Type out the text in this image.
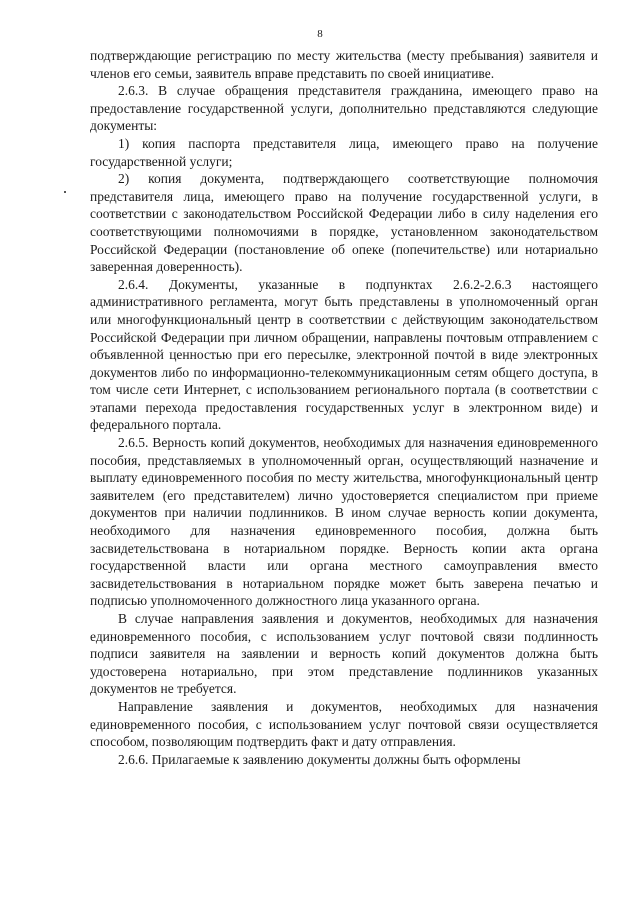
8

подтверждающие регистрацию по месту жительства (месту пребывания) заявителя и членов его семьи, заявитель вправе представить по своей инициативе.

2.6.3. В случае обращения представителя гражданина, имеющего право на предоставление государственной услуги, дополнительно представляются следующие документы:

1) копия паспорта представителя лица, имеющего право на получение государственной услуги;

2) копия документа, подтверждающего соответствующие полномочия представителя лица, имеющего право на получение государственной услуги, в соответствии с законодательством Российской Федерации либо в силу наделения его соответствующими полномочиями в порядке, установленном законодательством Российской Федерации (постановление об опеке (попечительстве) или нотариально заверенная доверенность).

2.6.4. Документы, указанные в подпунктах 2.6.2-2.6.3 настоящего административного регламента, могут быть представлены в уполномоченный орган или многофункциональный центр в соответствии с действующим законодательством Российской Федерации при личном обращении, направлены почтовым отправлением с объявленной ценностью при его пересылке, электронной почтой в виде электронных документов либо по информационно-телекоммуникационным сетям общего доступа, в том числе сети Интернет, с использованием регионального портала (в соответствии с этапами перехода предоставления государственных услуг в электронном виде) и федерального портала.

2.6.5. Верность копий документов, необходимых для назначения единовременного пособия, представляемых в уполномоченный орган, осуществляющий назначение и выплату единовременного пособия по месту жительства, многофункциональный центр заявителем (его представителем) лично удостоверяется специалистом при приеме документов при наличии подлинников. В ином случае верность копии документа, необходимого для назначения единовременного пособия, должна быть засвидетельствована в нотариальном порядке. Верность копии акта органа государственной власти или органа местного самоуправления вместо засвидетельствования в нотариальном порядке может быть заверена печатью и подписью уполномоченного должностного лица указанного органа.

В случае направления заявления и документов, необходимых для назначения единовременного пособия, с использованием услуг почтовой связи подлинность подписи заявителя на заявлении и верность копий документов должна быть удостоверена нотариально, при этом представление подлинников указанных документов не требуется.

Направление заявления и документов, необходимых для назначения единовременного пособия, с использованием услуг почтовой связи осуществляется способом, позволяющим подтвердить факт и дату отправления.

2.6.6. Прилагаемые к заявлению документы должны быть оформлены
